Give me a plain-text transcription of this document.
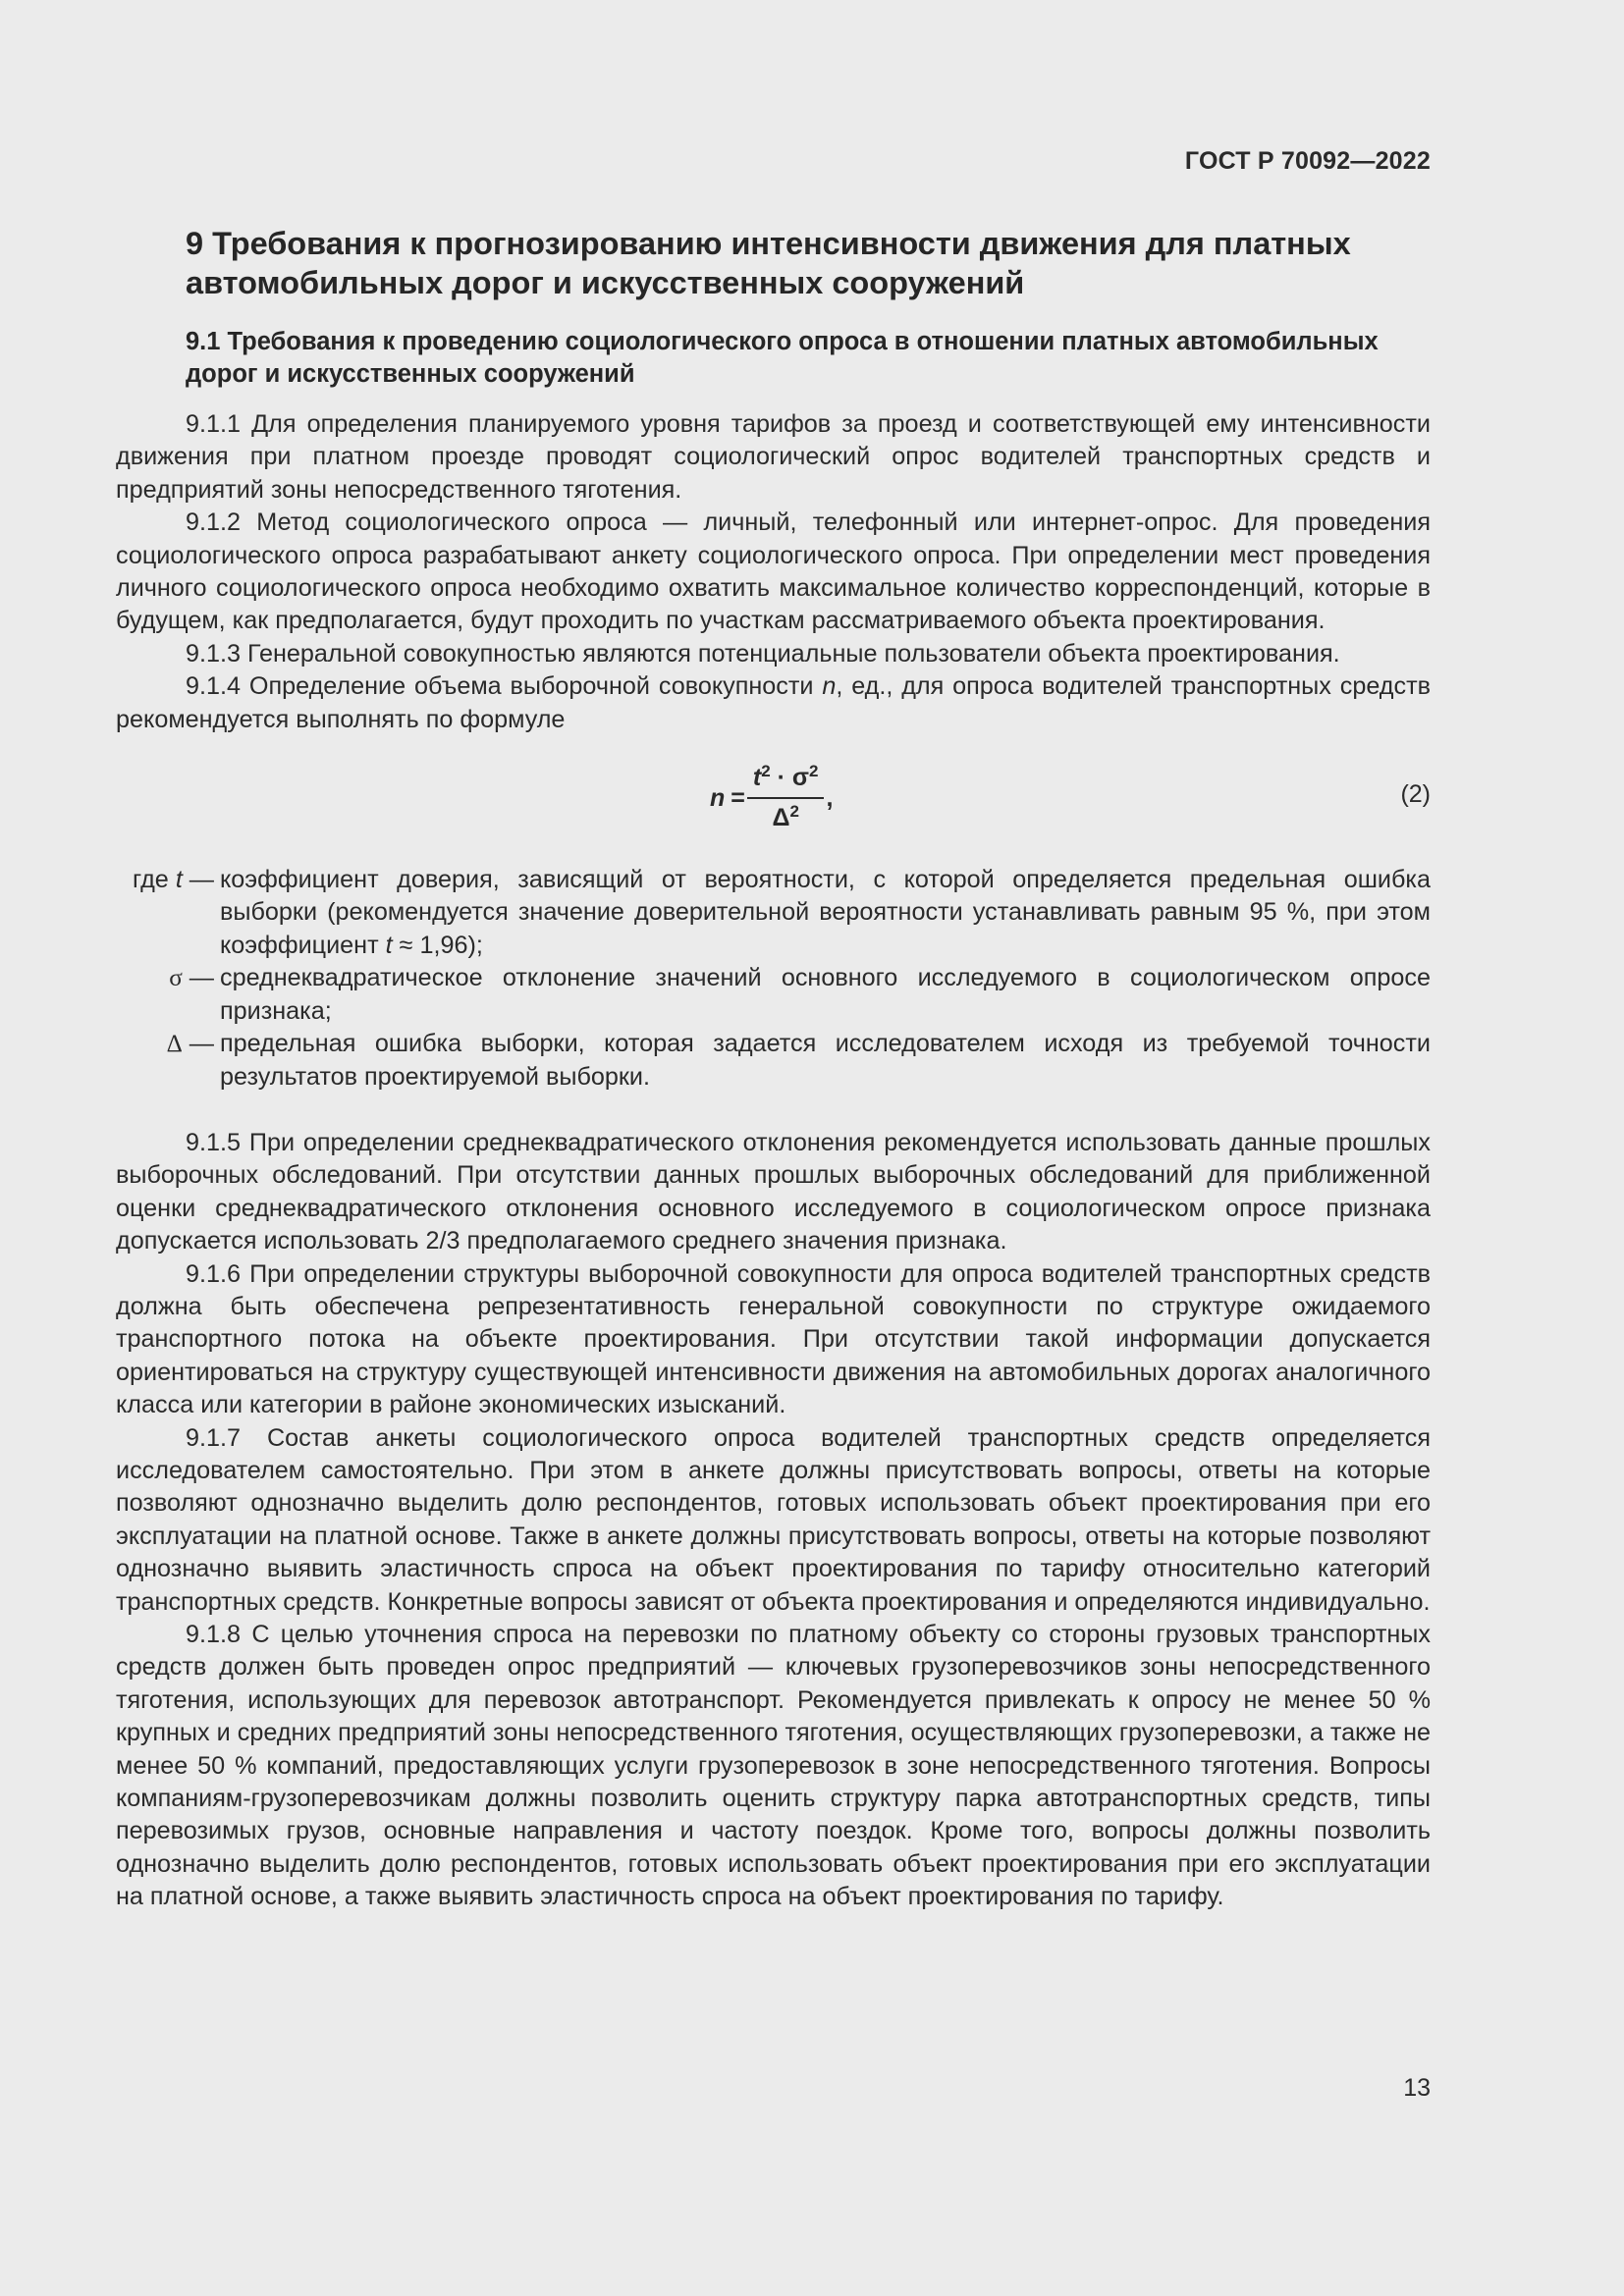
ГОСТ Р 70092—2022
9 Требования к прогнозированию интенсивности движения для платных автомобильных дорог и искусственных сооружений
9.1 Требования к проведению социологического опроса в отношении платных автомобильных дорог и искусственных сооружений

9.1.1 Для определения планируемого уровня тарифов за проезд и соответствующей ему интенсивности движения при платном проезде проводят социологический опрос водителей транспортных средств и предприятий зоны непосредственного тяготения.

9.1.2 Метод социологического опроса — личный, телефонный или интернет-опрос. Для проведения социологического опроса разрабатывают анкету социологического опроса. При определении мест проведения личного социологического опроса необходимо охватить максимальное количество корреспонденций, которые в будущем, как предполагается, будут проходить по участкам рассматриваемого объекта проектирования.

9.1.3 Генеральной совокупностью являются потенциальные пользователи объекта проектирования.

9.1.4 Определение объема выборочной совокупности n, ед., для опроса водителей транспортных средств рекомендуется выполнять по формуле

$n = \frac{t^2 \cdot \sigma^2}{\Delta^2}$ ,	(2)
где t — коэффициент доверия, зависящий от вероятности, с которой определяется предельная ошибка выборки (рекомендуется значение доверительной вероятности устанавливать равным 95 %, при этом коэффициент t ≈ 1,96);
σ — среднеквадратическое отклонение значений основного исследуемого в социологическом опросе признака;
Δ — предельная ошибка выборки, которая задается исследователем исходя из требуемой точности результатов проектируемой выборки.

9.1.5 При определении среднеквадратического отклонения рекомендуется использовать данные прошлых выборочных обследований. При отсутствии данных прошлых выборочных обследований для приближенной оценки среднеквадратического отклонения основного исследуемого в социологическом опросе признака допускается использовать 2/3 предполагаемого среднего значения признака.

9.1.6 При определении структуры выборочной совокупности для опроса водителей транспортных средств должна быть обеспечена репрезентативность генеральной совокупности по структуре ожидаемого транспортного потока на объекте проектирования. При отсутствии такой информации допускается ориентироваться на структуру существующей интенсивности движения на автомобильных дорогах аналогичного класса или категории в районе экономических изысканий.

9.1.7 Состав анкеты социологического опроса водителей транспортных средств определяется исследователем самостоятельно. При этом в анкете должны присутствовать вопросы, ответы на которые позволяют однозначно выделить долю респондентов, готовых использовать объект проектирования при его эксплуатации на платной основе. Также в анкете должны присутствовать вопросы, ответы на которые позволяют однозначно выявить эластичность спроса на объект проектирования по тарифу относительно категорий транспортных средств. Конкретные вопросы зависят от объекта проектирования и определяются индивидуально.

9.1.8 С целью уточнения спроса на перевозки по платному объекту со стороны грузовых транспортных средств должен быть проведен опрос предприятий — ключевых грузоперевозчиков зоны непосредственного тяготения, использующих для перевозок автотранспорт. Рекомендуется привлекать к опросу не менее 50 % крупных и средних предприятий зоны непосредственного тяготения, осуществляющих грузоперевозки, а также не менее 50 % компаний, предоставляющих услуги грузоперевозок в зоне непосредственного тяготения. Вопросы компаниям-грузоперевозчикам должны позволить оценить структуру парка автотранспортных средств, типы перевозимых грузов, основные направления и частоту поездок. Кроме того, вопросы должны позволить однозначно выделить долю респондентов, готовых использовать объект проектирования при его эксплуатации на платной основе, а также выявить эластичность спроса на объект проектирования по тарифу.

13
